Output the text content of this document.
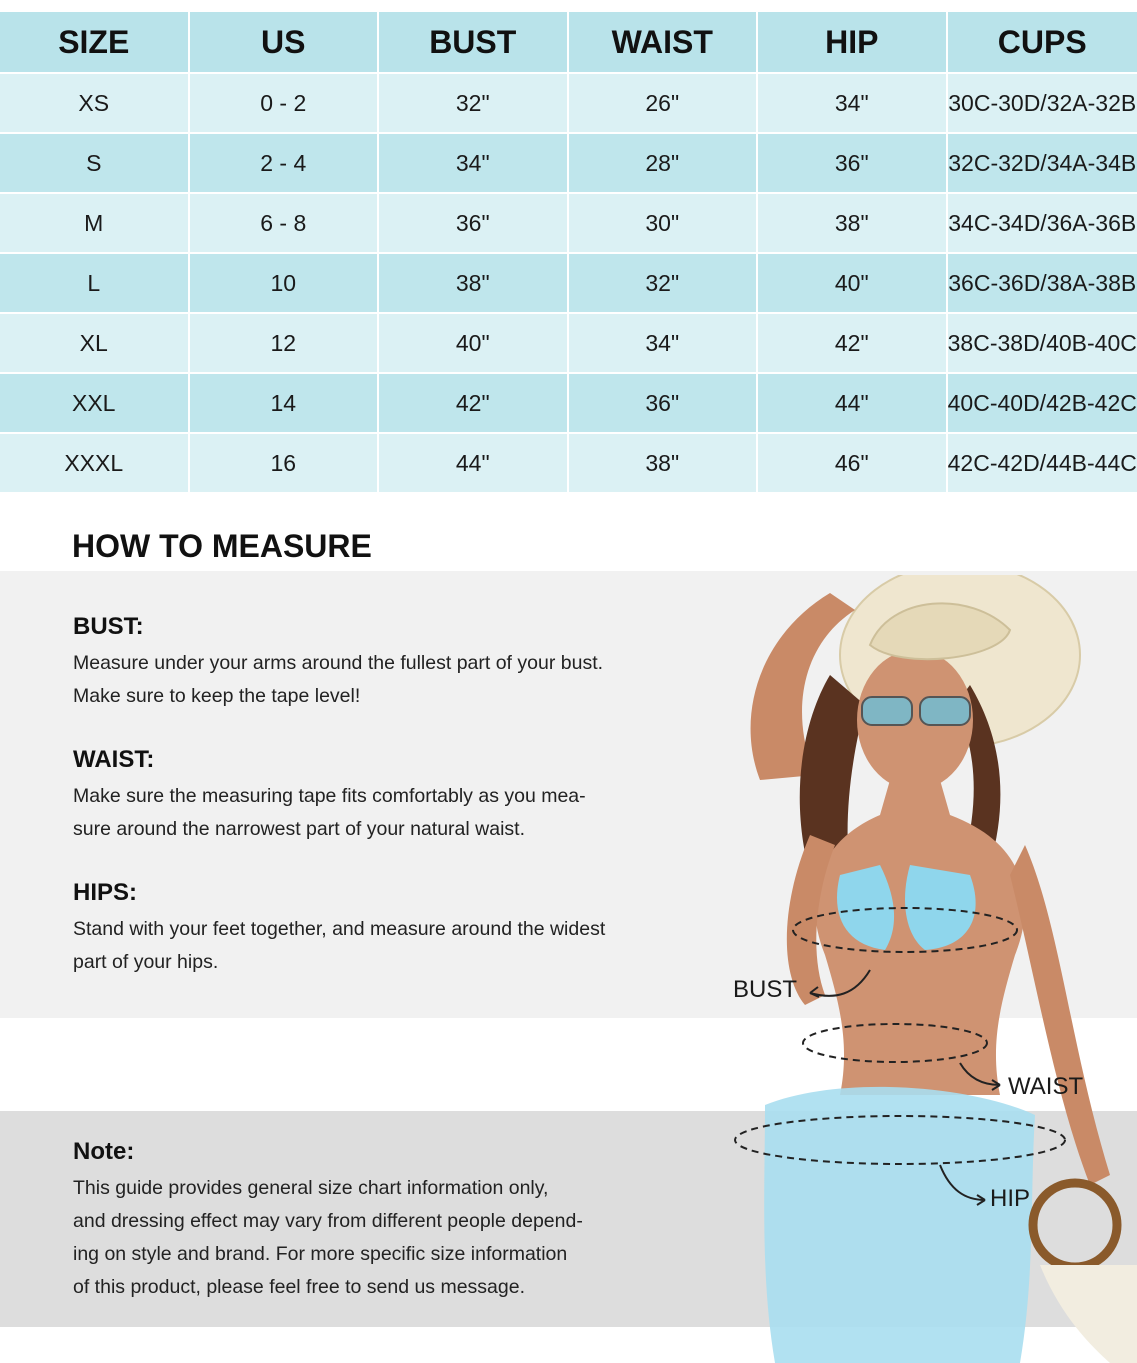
SIZE	US	BUST	WAIST	HIP	CUPS
XS	0 - 2	32"	26"	34"	30C-30D/32A-32B
S	2 - 4	34"	28"	36"	32C-32D/34A-34B
M	6 - 8	36"	30"	38"	34C-34D/36A-36B
L	10	38"	32"	40"	36C-36D/38A-38B
XL	12	40"	34"	42"	38C-38D/40B-40C
XXL	14	42"	36"	44"	40C-40D/42B-42C
XXXL	16	44"	38"	46"	42C-42D/44B-44C
HOW TO MEASURE

BUST:

Measure under your arms around the fullest part of your bust.
Make sure to keep the tape level!

WAIST:

Make sure the measuring tape fits comfortably as you mea-
sure around the narrowest part of your natural waist.

HIPS:

Stand with your feet together, and measure around the widest
part of your hips.

Note:

This guide provides general size chart information only,
and dressing effect may vary from different people depend-
ing on style and brand. For more specific size information
of this product, please feel free to send us message.

BUST
WAIST
HIP
